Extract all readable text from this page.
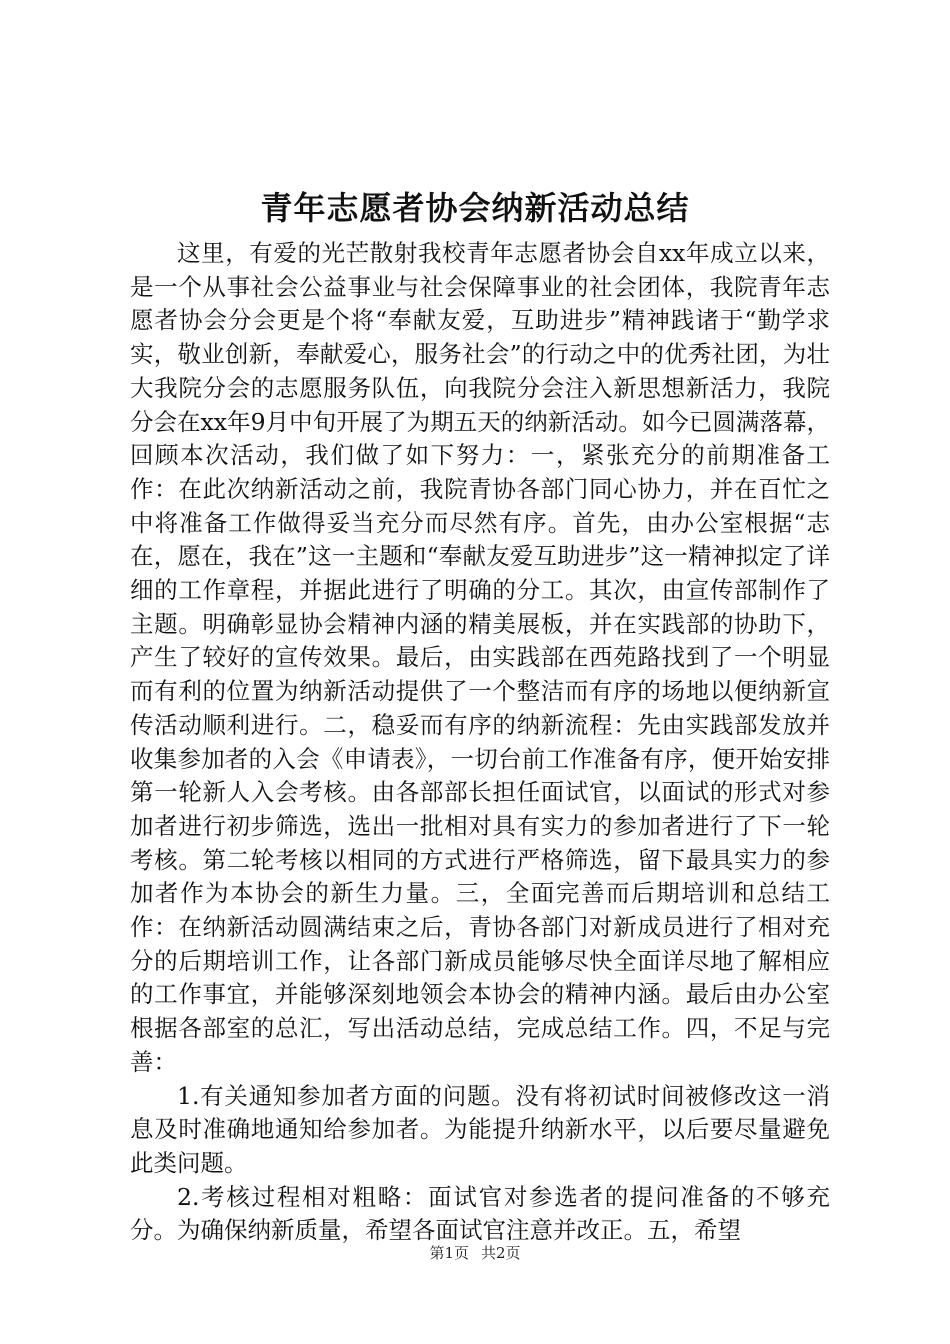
青年志愿者协会纳新活动总结

这里，有爱的光芒散射我校青年志愿者协会自xx年成立以来，是一个从事社会公益事业与社会保障事业的社会团体，我院青年志愿者协会分会更是个将“奉献友爱，互助进步”精神践诸于“勤学求实，敬业创新，奉献爱心，服务社会”的行动之中的优秀社团，为壮大我院分会的志愿服务队伍，向我院分会注入新思想新活力，我院分会在xx年9月中旬开展了为期五天的纳新活动。如今已圆满落幕，回顾本次活动，我们做了如下努力：一，紧张充分的前期准备工作：在此次纳新活动之前，我院青协各部门同心协力，并在百忙之中将准备工作做得妥当充分而尽然有序。首先，由办公室根据“志在，愿在，我在”这一主题和“奉献友爱互助进步”这一精神拟定了详细的工作章程，并据此进行了明确的分工。其次，由宣传部制作了主题。明确彰显协会精神内涵的精美展板，并在实践部的协助下，产生了较好的宣传效果。最后，由实践部在西苑路找到了一个明显而有利的位置为纳新活动提供了一个整洁而有序的场地以便纳新宣传活动顺利进行。二，稳妥而有序的纳新流程：先由实践部发放并收集参加者的入会《申请表》，一切台前工作准备有序，便开始安排第一轮新人入会考核。由各部部长担任面试官，以面试的形式对参加者进行初步筛选，选出一批相对具有实力的参加者进行了下一轮考核。第二轮考核以相同的方式进行严格筛选，留下最具实力的参加者作为本协会的新生力量。三，全面完善而后期培训和总结工作：在纳新活动圆满结束之后，青协各部门对新成员进行了相对充分的后期培训工作，让各部门新成员能够尽快全面详尽地了解相应的工作事宜，并能够深刻地领会本协会的精神内涵。最后由办公室根据各部室的总汇，写出活动总结，完成总结工作。四，不足与完善：

1.有关通知参加者方面的问题。没有将初试时间被修改这一消息及时准确地通知给参加者。为能提升纳新水平，以后要尽量避免此类问题。

2.考核过程相对粗略：面试官对参选者的提问准备的不够充分。为确保纳新质量，希望各面试官注意并改正。五，希望

第1页 共2页
